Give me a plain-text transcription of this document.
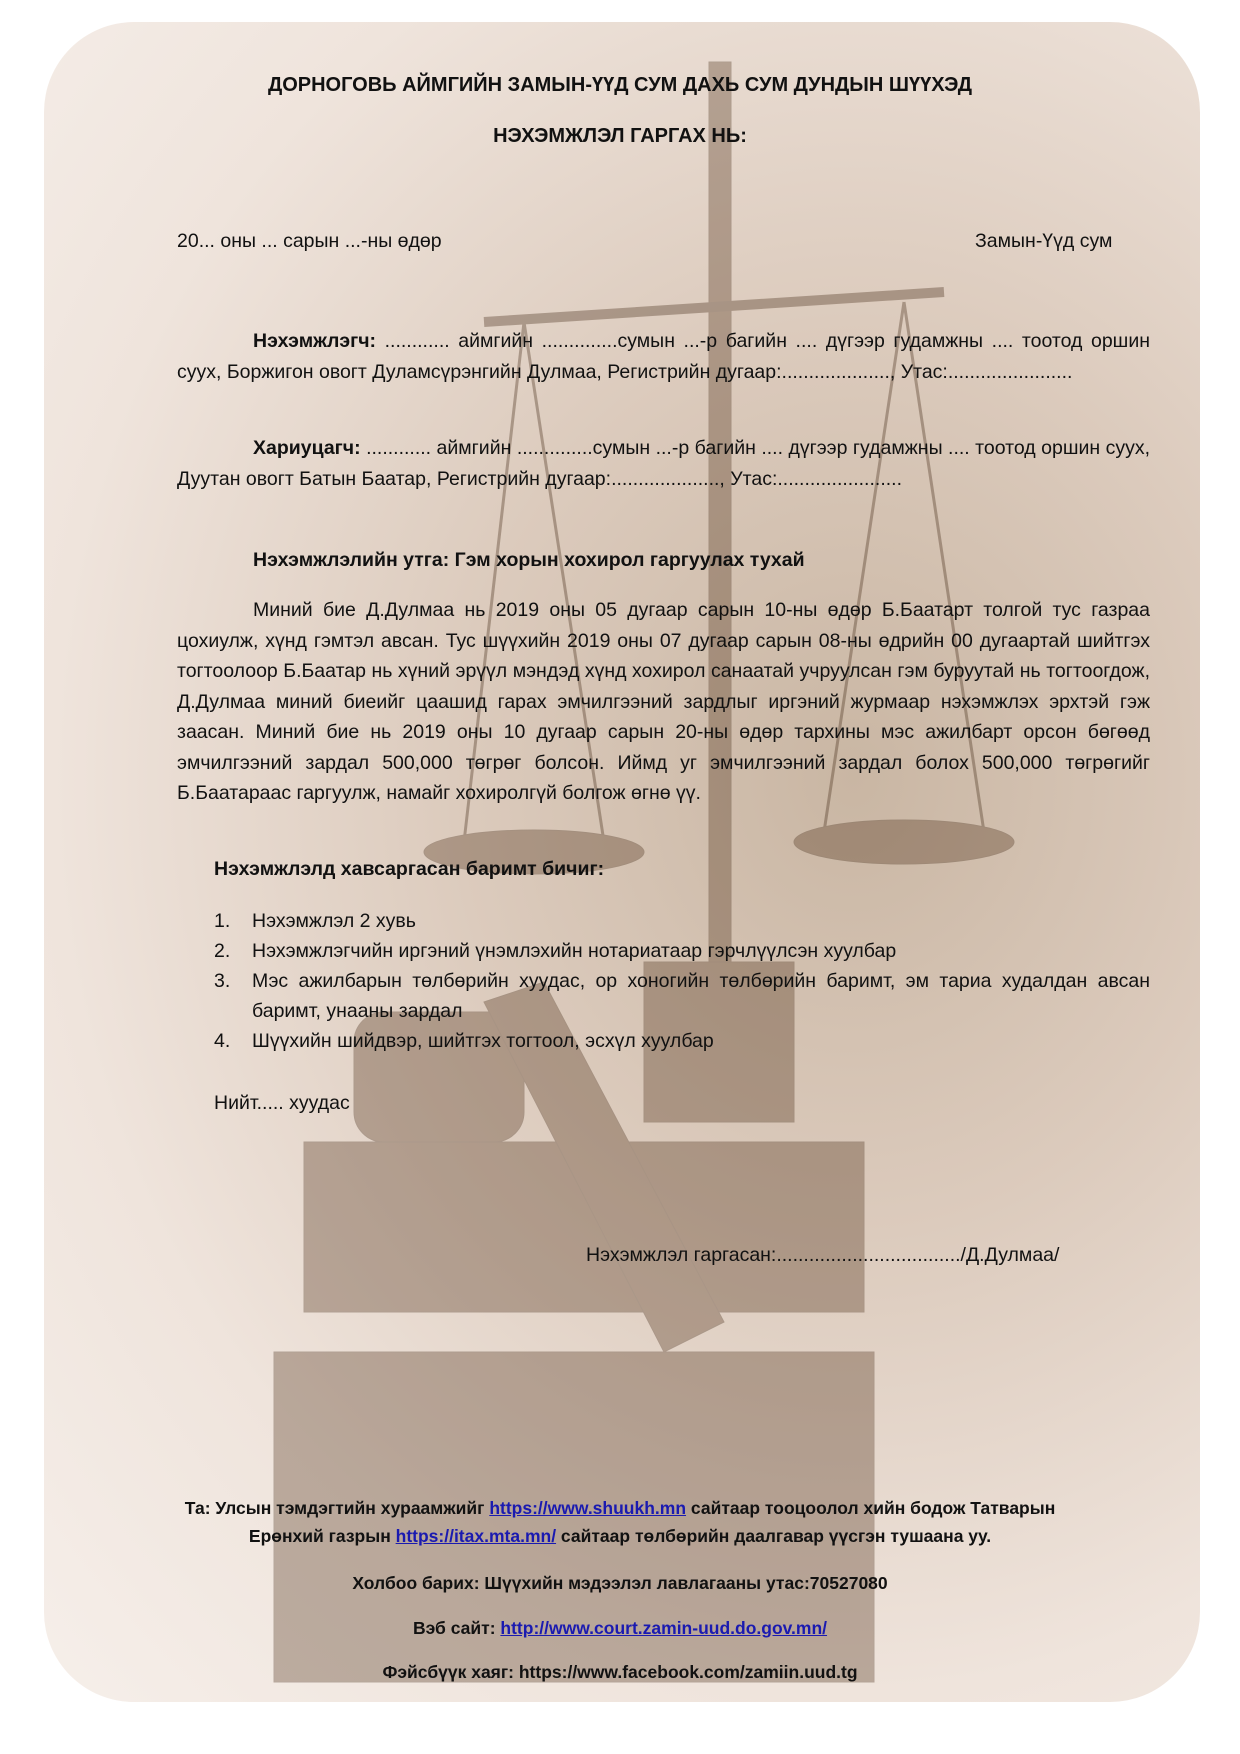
ДОРНОГОВЬ АЙМГИЙН ЗАМЫН-ҮҮД СУМ ДАХЬ СУМ ДУНДЫН ШҮҮХЭД
НЭХЭМЖЛЭЛ ГАРГАХ НЬ:
20... оны ... сарын ...-ны өдөр	Замын-Үүд сум
Нэхэмжлэгч: ............ аймгийн ..............сумын ...-р багийн .... дүгээр гудамжны .... тоотод оршин суух, Боржигон овогт Дуламсүрэнгийн Дулмаа, Регистрийн дугаар:...................., Утас:.......................
Хариуцагч: ............ аймгийн ..............сумын ...-р багийн .... дүгээр гудамжны .... тоотод оршин суух, Дуутан овогт Батын Баатар, Регистрийн дугаар:...................., Утас:.......................
Нэхэмжлэлийн утга: Гэм хорын хохирол гаргуулах тухай
Миний бие Д.Дулмаа нь 2019 оны 05 дугаар сарын 10-ны өдөр Б.Баатарт толгой тус газраа цохиулж, хүнд гэмтэл авсан. Тус шүүхийн 2019 оны 07 дугаар сарын 08-ны өдрийн 00 дугаартай шийтгэх тогтоолоор Б.Баатар нь хүний эрүүл мэндэд хүнд хохирол санаатай учруулсан гэм буруутай нь тогтоогдож, Д.Дулмаа миний биеийг цаашид гарах эмчилгээний зардлыг иргэний журмаар нэхэмжлэх эрхтэй гэж заасан. Миний бие нь 2019 оны 10 дугаар сарын 20-ны өдөр тархины мэс ажилбарт орсон бөгөөд эмчилгээний зардал 500,000 төгрөг болсон. Иймд уг эмчилгээний зардал болох 500,000 төгрөгийг Б.Баатараас гаргуулж, намайг хохиролгүй болгож өгнө үү.
Нэхэмжлэлд хавсаргасан баримт бичиг:
1. Нэхэмжлэл 2 хувь
2. Нэхэмжлэгчийн иргэний үнэмлэхийн нотариатаар гэрчлүүлсэн хуулбар
3. Мэс ажилбарын төлбөрийн хуудас, ор хоногийн төлбөрийн баримт, эм тариа худалдан авсан баримт, унааны зардал
4. Шүүхийн шийдвэр, шийтгэх тогтоол, эсхүл хуулбар
Нийт..... хуудас
Нэхэмжлэл гаргасан:................................../Д.Дулмаа/
Та: Улсын тэмдэгтийн хураамжийг https://www.shuukh.mn сайтаар тооцоолол хийн бодож Татварын
Ерөнхий газрын https://itax.mta.mn/ сайтаар төлбөрийн даалгавар үүсгэн тушаана уу.
Холбоо барих: Шүүхийн мэдээлэл лавлагааны утас:70527080
Вэб сайт: http://www.court.zamin-uud.do.gov.mn/
Фэйсбүүк хаяг: https://www.facebook.com/zamiin.uud.tg
